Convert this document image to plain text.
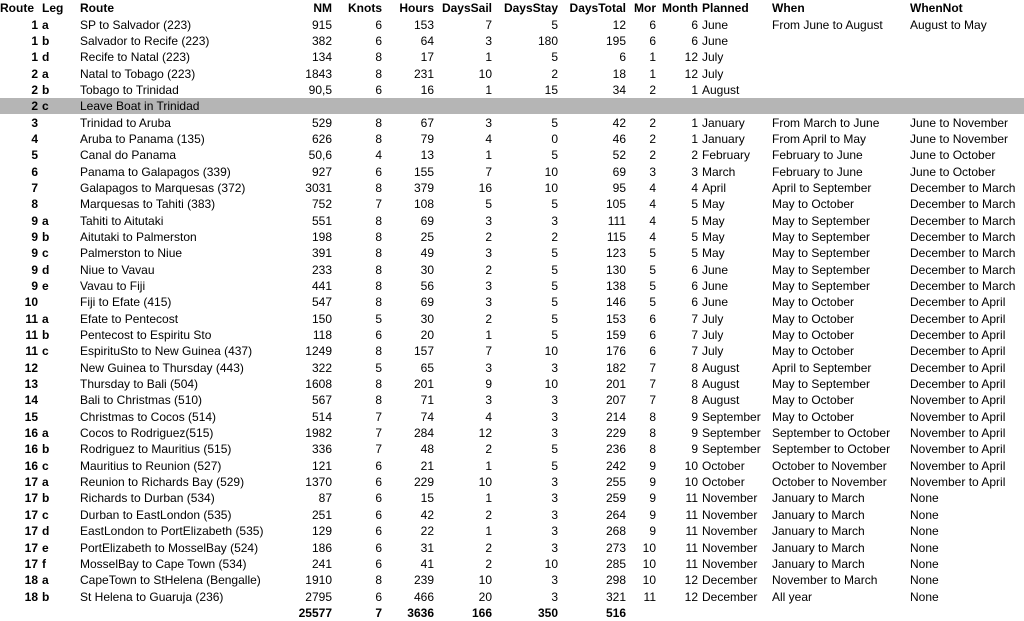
Route	Leg	Route	NM	Knots	Hours	DaysSail	DaysStay	DaysTotal	Mor	Month	Planned	When	WhenNot
1	a	SP to Salvador (223)	915	6	153	7	5	12	6	6	June	From June to August	August to May
1	b	Salvador to Recife (223)	382	6	64	3	180	195	6	6	June		
1	d	Recife to Natal (223)	134	8	17	1	5	6	1	12	July		
2	a	Natal to Tobago (223)	1843	8	231	10	2	18	1	12	July		
2	b	Tobago to Trinidad	90,5	6	16	1	15	34	2	1	August		
2	c	Leave Boat in Trinidad											
3		Trinidad to Aruba	529	8	67	3	5	42	2	1	January	From March to June	June to November
4		Aruba to Panama (135)	626	8	79	4	0	46	2	1	January	From April to May	June to November
5		Canal do Panama	50,6	4	13	1	5	52	2	2	February	February to June	June to October
6		Panama to Galapagos (339)	927	6	155	7	10	69	3	3	March	February to June	June to October
7		Galapagos to Marquesas (372)	3031	8	379	16	10	95	4	4	April	April to September	December to March
8		Marquesas to Tahiti (383)	752	7	108	5	5	105	4	5	May	May to October	December to March
9	a	Tahiti to Aitutaki	551	8	69	3	3	111	4	5	May	May to September	December to March
9	b	Aitutaki to Palmerston	198	8	25	2	2	115	4	5	May	May to September	December to March
9	c	Palmerston to Niue	391	8	49	3	5	123	5	5	May	May to September	December to March
9	d	Niue to Vavau	233	8	30	2	5	130	5	6	June	May to September	December to March
9	e	Vavau to Fiji	441	8	56	3	5	138	5	6	June	May to September	December to March
10		Fiji to Efate (415)	547	8	69	3	5	146	5	6	June	May to October	December to April
11	a	Efate to Pentecost	150	5	30	2	5	153	6	7	July	May to October	December to April
11	b	Pentecost to Espiritu Sto	118	6	20	1	5	159	6	7	July	May to October	December to April
11	c	EspirituSto to New Guinea (437)	1249	8	157	7	10	176	6	7	July	May to October	December to April
12		New Guinea to Thursday (443)	322	5	65	3	3	182	7	8	August	April to September	December to April
13		Thursday to Bali (504)	1608	8	201	9	10	201	7	8	August	May to September	December to April
14		Bali to Christmas (510)	567	8	71	3	3	207	7	8	August	May to October	November to April
15		Christmas to Cocos (514)	514	7	74	4	3	214	8	9	September	May to October	November to April
16	a	Cocos to Rodriguez(515)	1982	7	284	12	3	229	8	9	September	September to October	November to April
16	b	Rodriguez to Mauritius (515)	336	7	48	2	5	236	8	9	September	September to October	November to April
16	c	Mauritius to Reunion (527)	121	6	21	1	5	242	9	10	October	October to November	November to April
17	a	Reunion to Richards Bay (529)	1370	6	229	10	3	255	9	10	October	October to November	November to April
17	b	Richards to Durban (534)	87	6	15	1	3	259	9	11	November	January to March	None
17	c	Durban to EastLondon (535)	251	6	42	2	3	264	9	11	November	January to March	None
17	d	EastLondon to PortElizabeth (535)	129	6	22	1	3	268	9	11	November	January to March	None
17	e	PortElizabeth to MosselBay (524)	186	6	31	2	3	273	10	11	November	January to March	None
17	f	MosselBay to Cape Town (534)	241	6	41	2	10	285	10	11	November	January to March	None
18	a	CapeTown to StHelena (Bengalle)	1910	8	239	10	3	298	10	12	December	November to March	None
18	b	St Helena to Guaruja (236)	2795	6	466	20	3	321	11	12	December	All year	None
			25577	7	3636	166	350	516					
